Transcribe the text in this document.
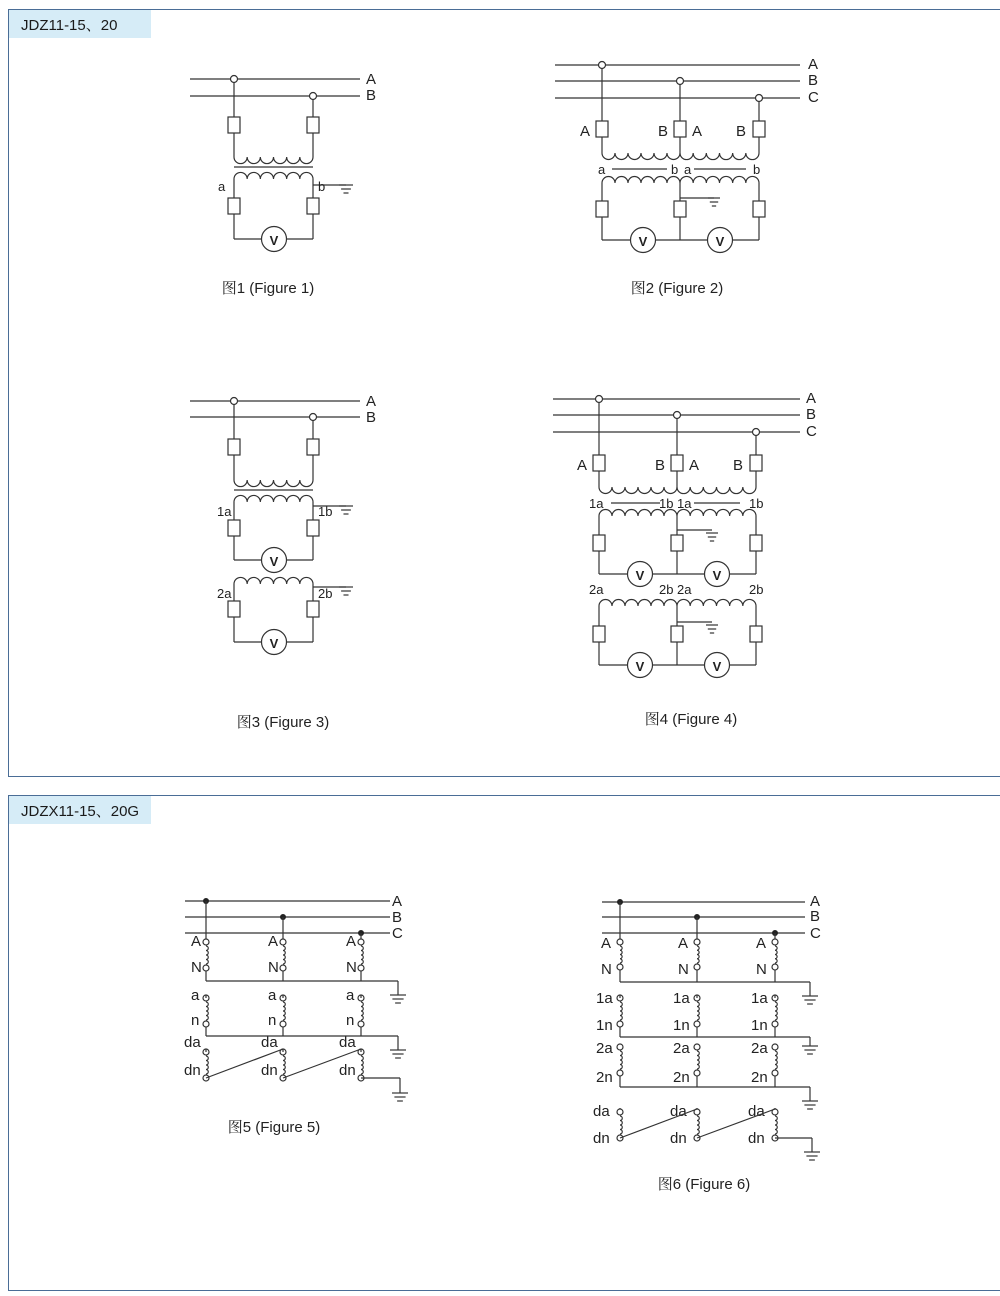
JDZ11-15、20
JDZX11-15、20G
A
B
a	b
V
图1 (Figure 1)
A
B
C
A	B A B
a	b a	b
V	V
图2 (Figure 2)
A
B
1a	1b
V
2a	2b
V
图3 (Figure 3)
A
B
C
A	B A B
1a	1b 1a	1b
V	V
2a	2b 2a	2b
V	V
图4 (Figure 4)
A
B
C
A
N
a
n
da
dn
A
N
a
n
da
dn
A
N
a
n
da
dn
图5 (Figure 5)
A
B
C
A
N
1a
1n
2a
2n
da
dn
A
N
1a
1n
2a
2n
da
dn
A
N
1a
1n
2a
2n
da
dn
图6 (Figure 6)
